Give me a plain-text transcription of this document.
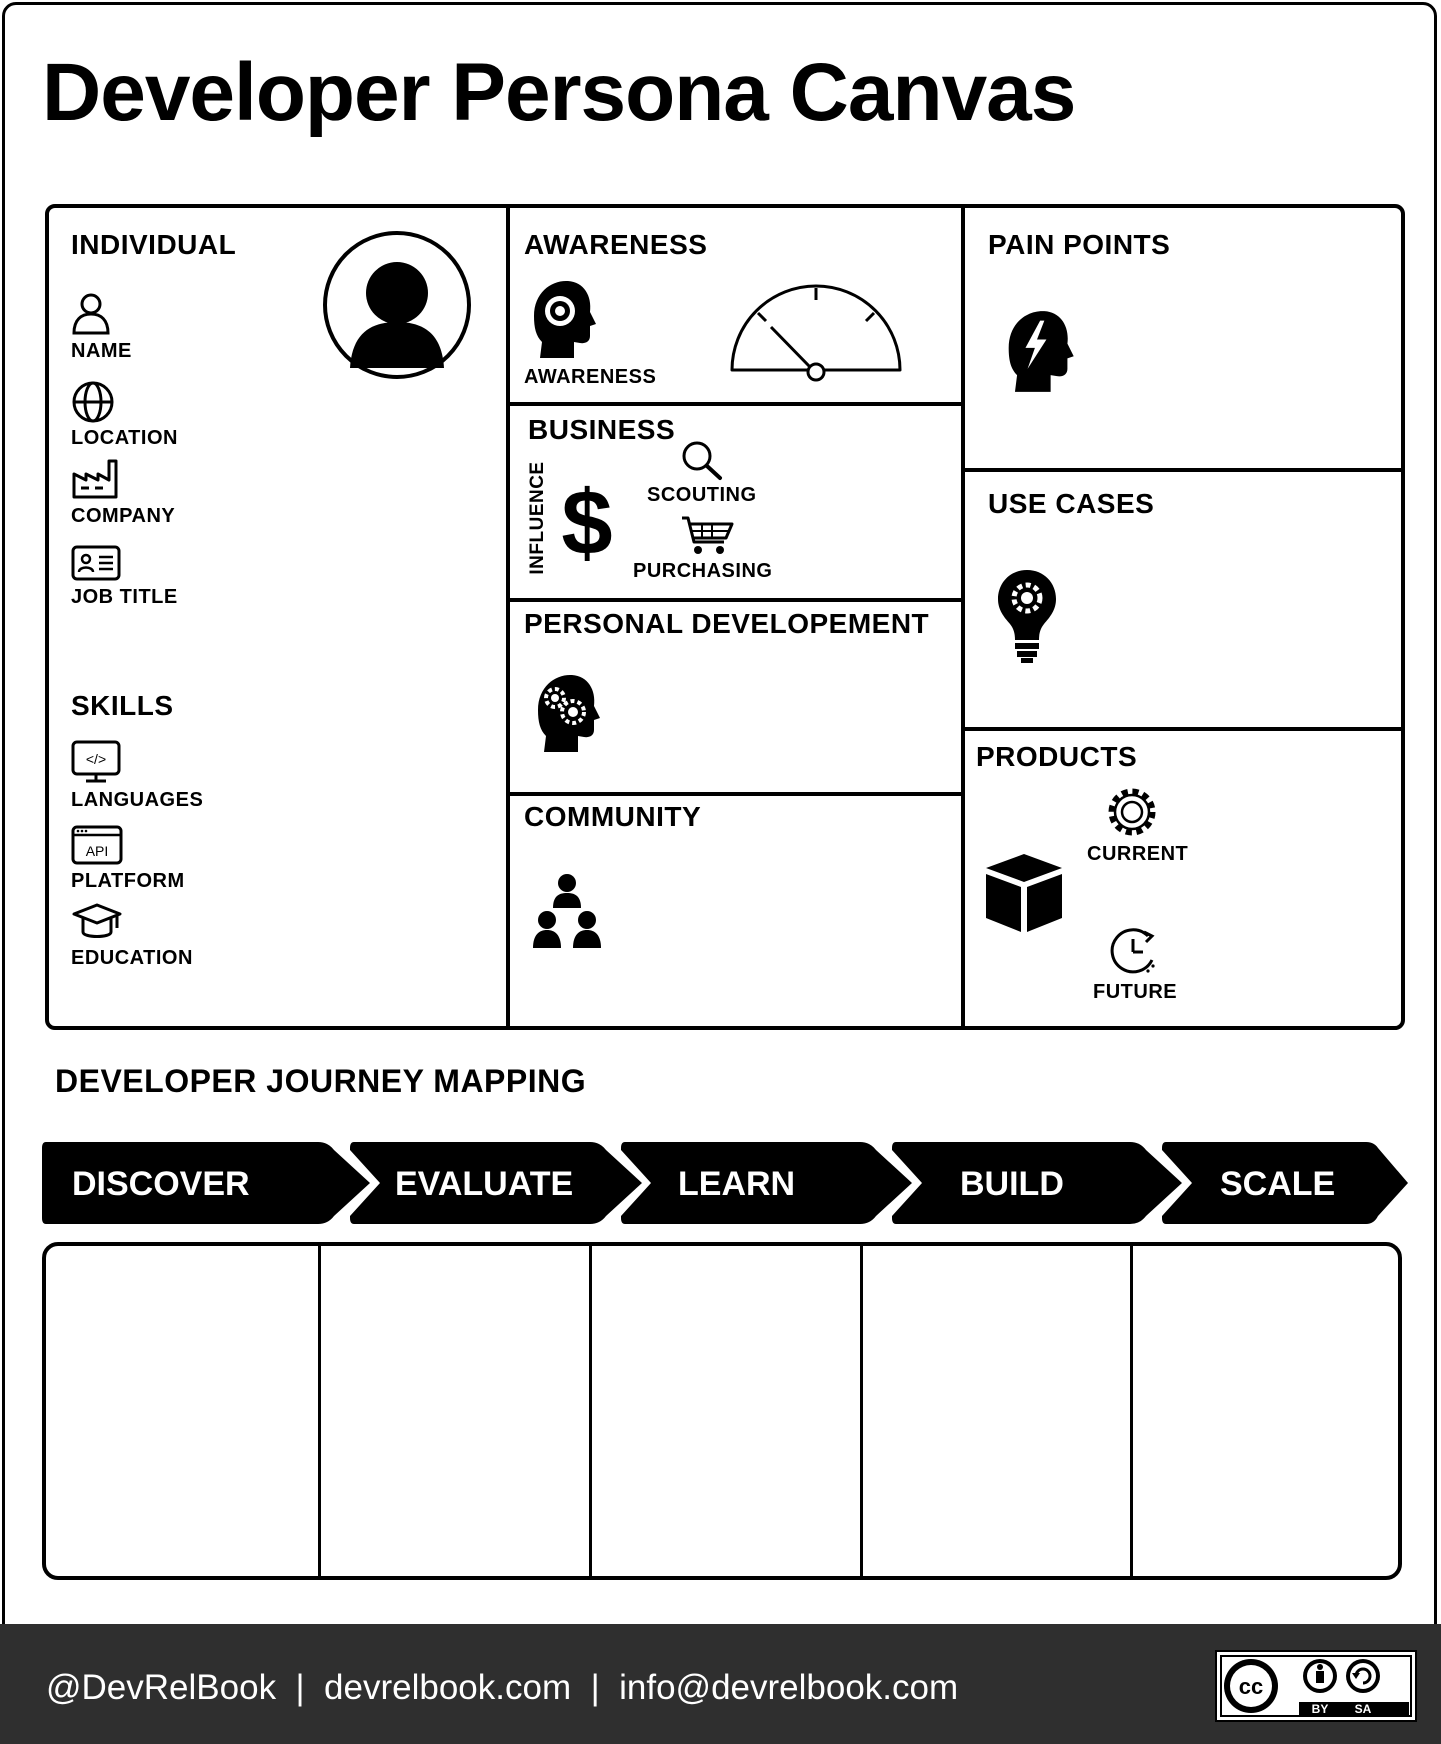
Developer Persona Canvas
INDIVIDUAL
NAME
LOCATION
COMPANY
JOB TITLE
SKILLS
</>
LANGUAGES
API
PLATFORM
EDUCATION
AWARENESS
AWARENESS
BUSINESS
INFLUENCE $ SCOUTING
PURCHASING
PERSONAL DEVELOPEMENT
COMMUNITY
PAIN POINTS
USE CASES
PRODUCTS
CURRENT
FUTURE
DEVELOPER JOURNEY MAPPING
DISCOVER	EVALUATE	LEARN	BUILD	SCALE
@DevRelBook  |  devrelbook.com  |  info@devrelbook.com	cc
BY SA
